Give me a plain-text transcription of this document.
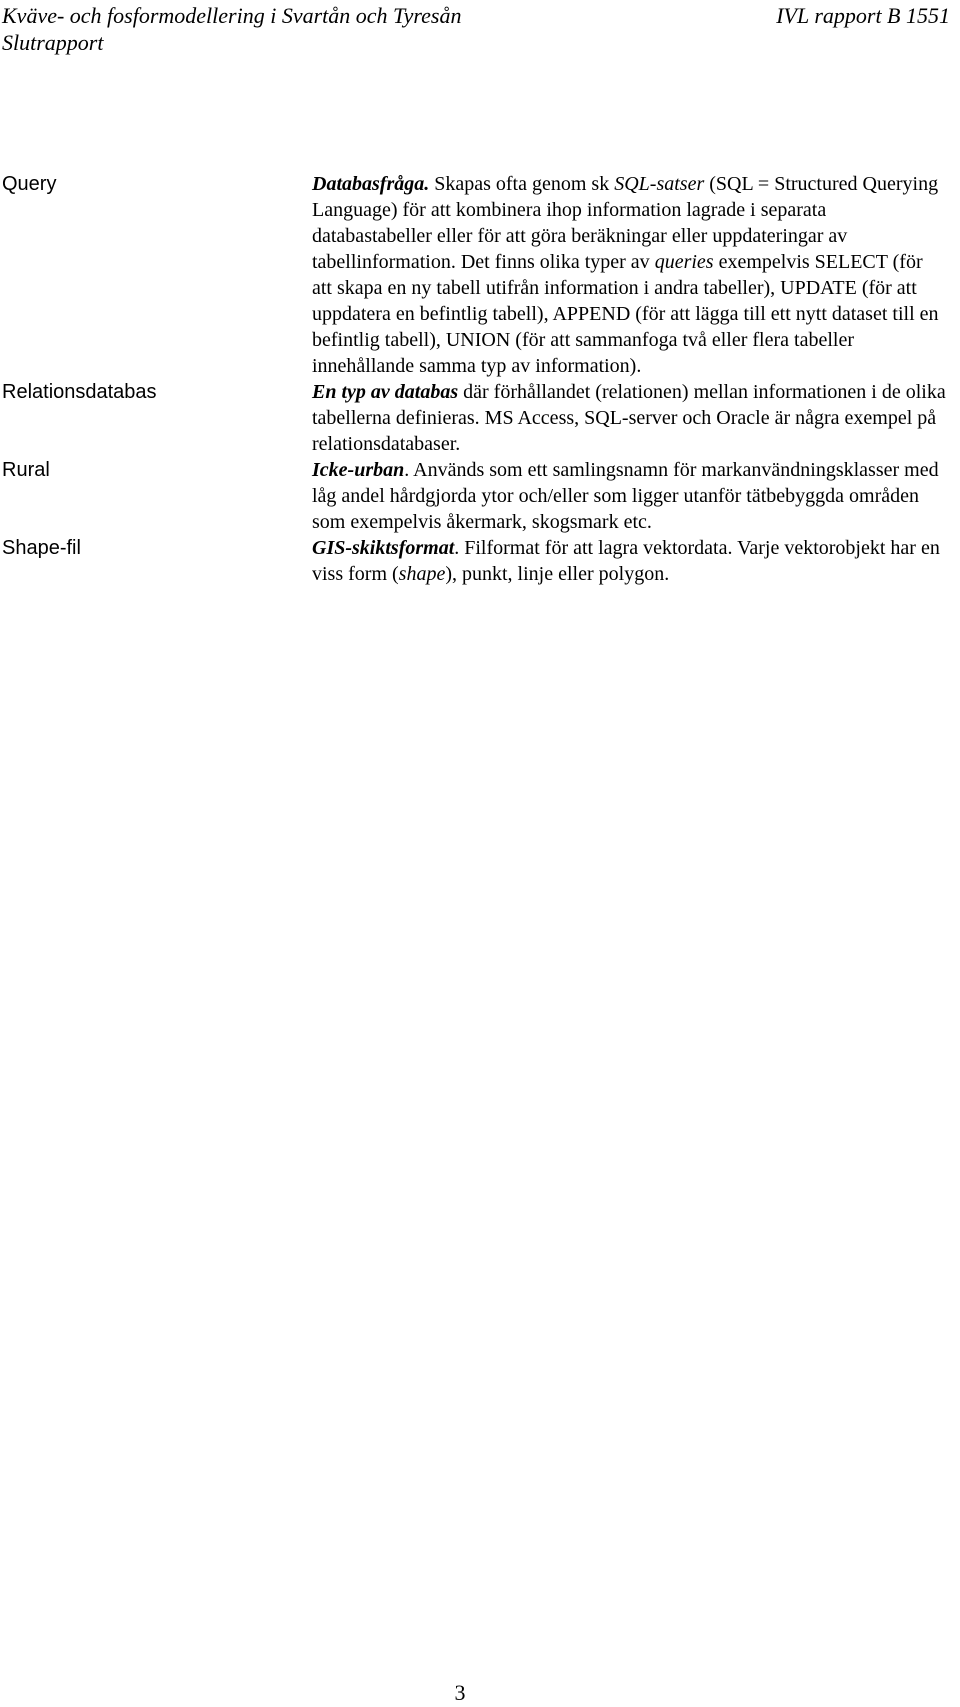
Kväve- och fosformodellering i Svartån och Tyresån	IVL rapport B 1551
Slutrapport
Query	Databasfråga. Skapas ofta genom sk SQL-satser (SQL = Structured Querying Language) för att kombinera ihop information lagrade i separata databastabeller eller för att göra beräkningar eller uppdateringar av tabellinformation. Det finns olika typer av queries exempelvis SELECT (för att skapa en ny tabell utifrån information i andra tabeller), UPDATE (för att uppdatera en befintlig tabell), APPEND (för att lägga till ett nytt dataset till en befintlig tabell), UNION (för att sammanfoga två eller flera tabeller innehållande samma typ av information).
Relationsdatabas	En typ av databas där förhållandet (relationen) mellan informationen i de olika tabellerna definieras. MS Access, SQL-server och Oracle är några exempel på relationsdatabaser.
Rural	Icke-urban. Används som ett samlingsnamn för markanvändningsklasser med låg andel hårdgjorda ytor och/eller som ligger utanför tätbebyggda områden som exempelvis åkermark, skogsmark etc.
Shape-fil	GIS-skiktsformat. Filformat för att lagra vektordata. Varje vektorobjekt har en viss form (shape), punkt, linje eller polygon.
3
